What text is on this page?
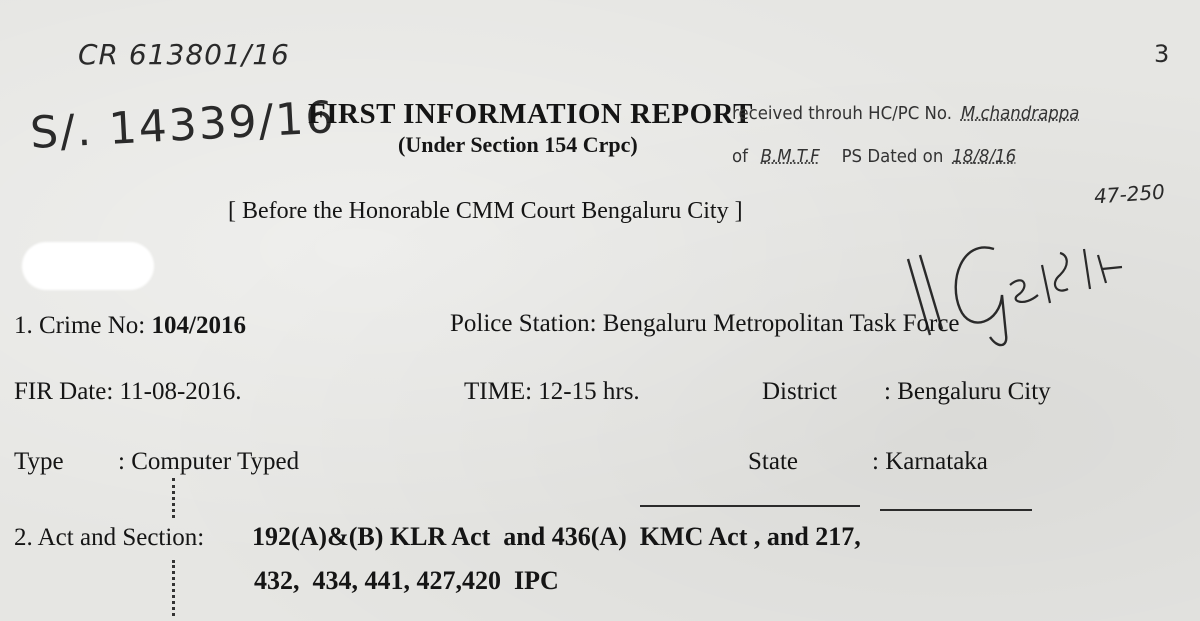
CR 613801/16
S/. 14339/16
3
47-250
FIRST INFORMATION REPORT
(Under Section 154 Crpc)
[ Before the Honorable CMM Court Bengaluru City ]
received throuh HC/PC No. M.chandrappa
of B.M.T.F PS Dated on 18/8/16
1. Crime No: 104/2016	Police Station: Bengaluru Metropolitan Task Force
FIR Date: 11-08-2016.	TIME: 12-15 hrs.	District : Bengaluru City
Type : Computer Typed	State	: Karnataka
2. Act and Section: 192(A)&(B) KLR Act  and 436(A)  KMC Act , and 217,
432,  434, 441, 427,420  IPC
